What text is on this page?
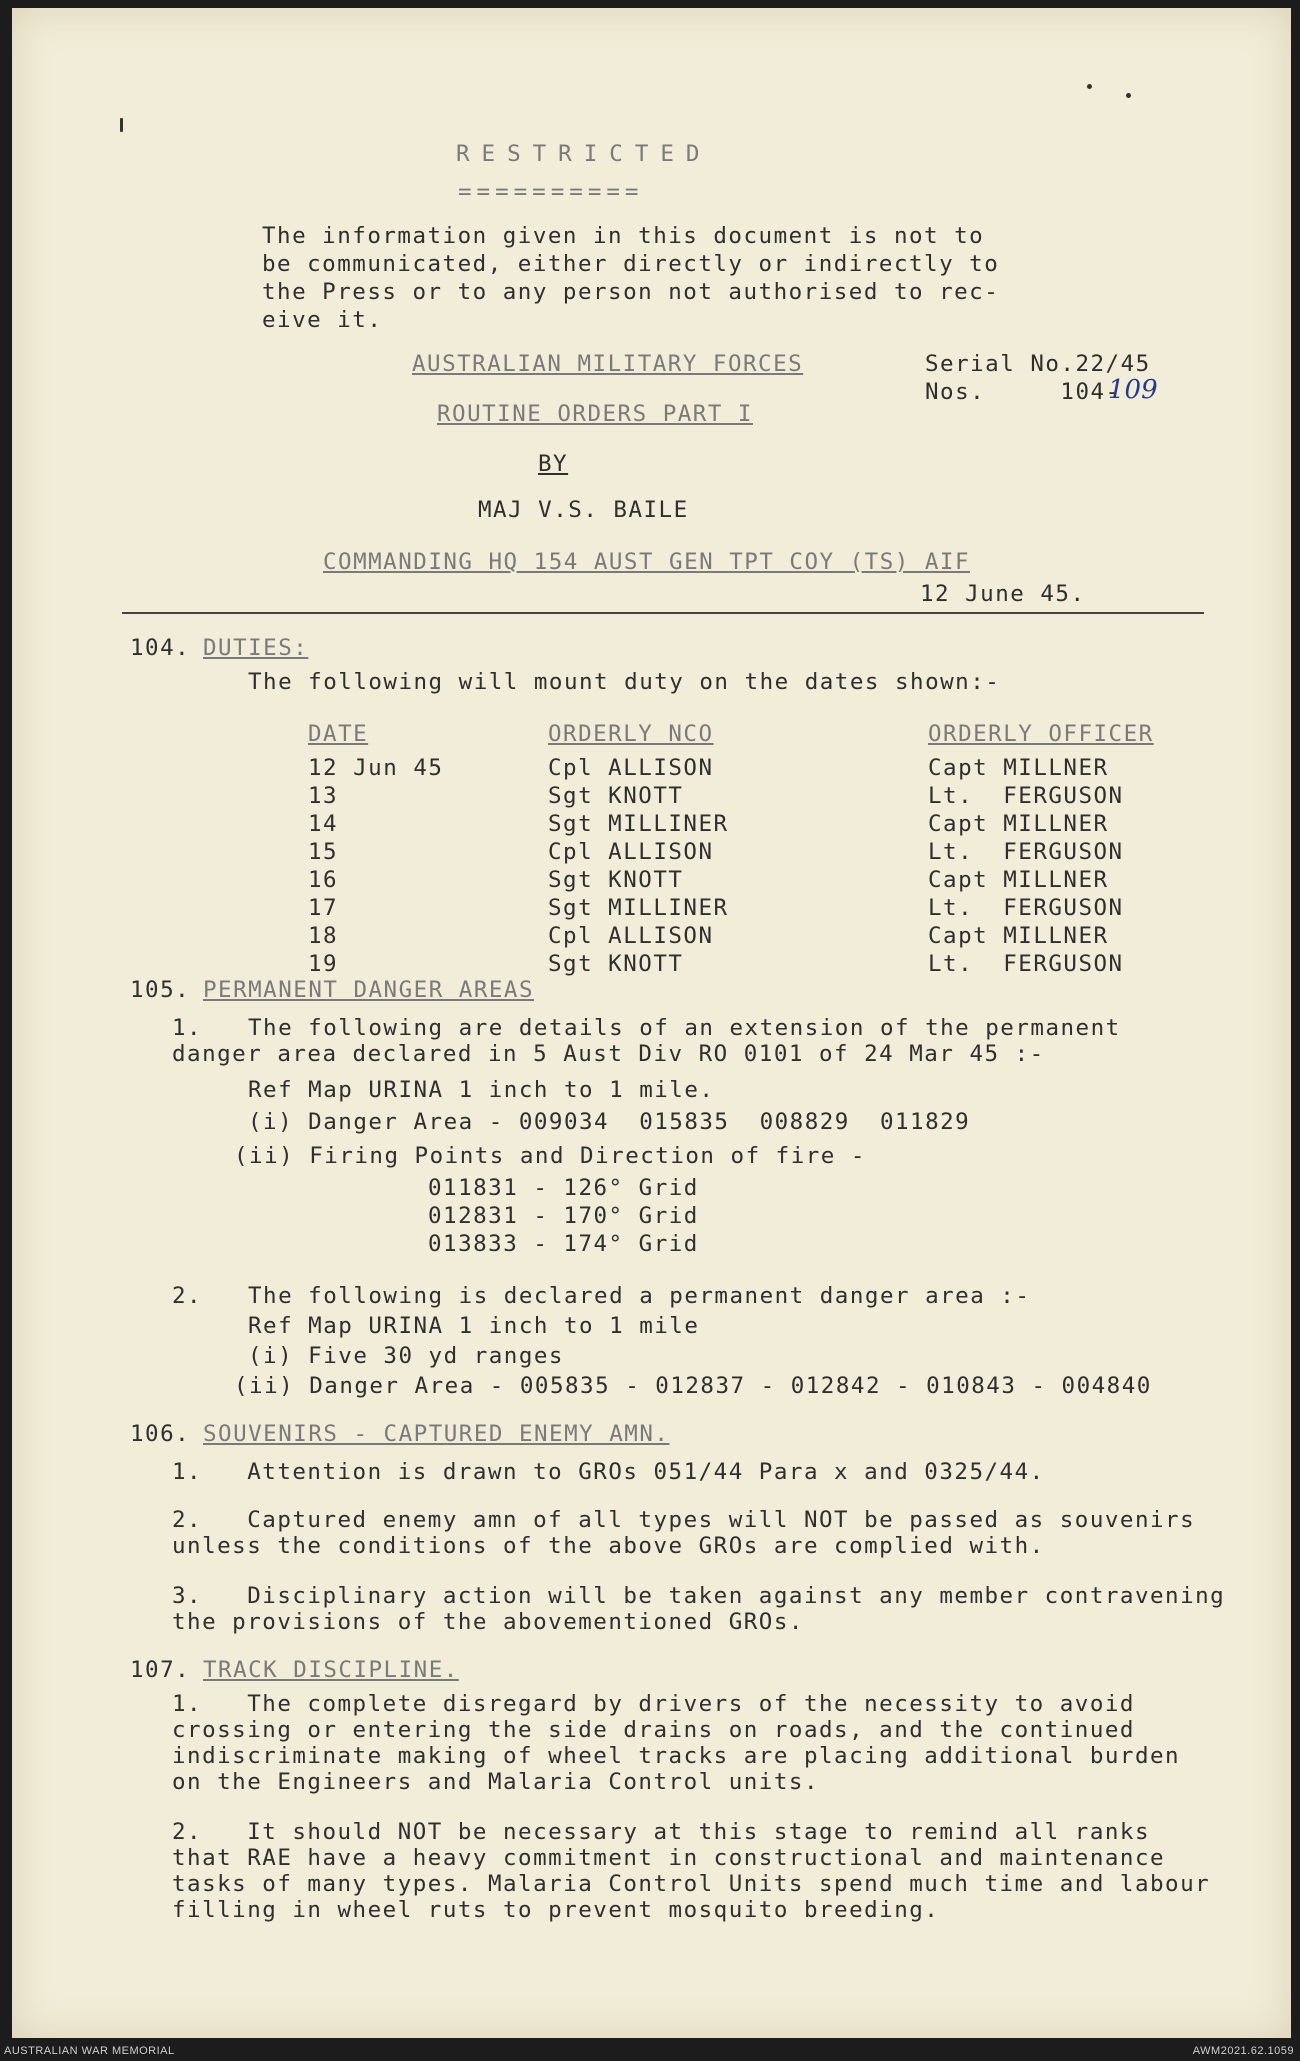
RESTRICTED
==========
The information given in this document is not to
be communicated, either directly or indirectly to
the Press or to any person not authorised to rec-
eive it.
AUSTRALIAN MILITARY FORCES
ROUTINE ORDERS PART I
BY
MAJ V.S. BAILE
COMMANDING HQ 154 AUST GEN TPT COY (TS) AIF
Serial No.22/45
Nos.     104-
109
12 June 45.
104. DUTIES:
The following will mount duty on the dates shown:-
DATE	ORDERLY NCO	ORDERLY OFFICER
12 Jun 45	Cpl ALLISON	Capt MILLNER
13	Sgt KNOTT	Lt.  FERGUSON
14	Sgt MILLINER	Capt MILLNER
15	Cpl ALLISON	Lt.  FERGUSON
16	Sgt KNOTT	Capt MILLNER
17	Sgt MILLINER	Lt.  FERGUSON
18	Cpl ALLISON	Capt MILLNER
19	Sgt KNOTT	Lt.  FERGUSON
105. PERMANENT DANGER AREAS
1. The following are details of an extension of the permanent
danger area declared in 5 Aust Div RO 0101 of 24 Mar 45 :-
Ref Map URINA 1 inch to 1 mile.
(i) Danger Area - 009034  015835  008829  011829
(ii) Firing Points and Direction of fire -
011831 - 126° Grid
012831 - 170° Grid
013833 - 174° Grid
2. The following is declared a permanent danger area :-
Ref Map URINA 1 inch to 1 mile
(i) Five 30 yd ranges
(ii) Danger Area - 005835 - 012837 - 012842 - 010843 - 004840
106. SOUVENIRS - CAPTURED ENEMY AMN.
1.   Attention is drawn to GROs 051/44 Para x and 0325/44.
2.   Captured enemy amn of all types will NOT be passed as souvenirs
unless the conditions of the above GROs are complied with.
3.   Disciplinary action will be taken against any member contravening
the provisions of the abovementioned GROs.
107. TRACK DISCIPLINE.
1.   The complete disregard by drivers of the necessity to avoid
crossing or entering the side drains on roads, and the continued
indiscriminate making of wheel tracks are placing additional burden
on the Engineers and Malaria Control units.
2.   It should NOT be necessary at this stage to remind all ranks
that RAE have a heavy commitment in constructional and maintenance
tasks of many types. Malaria Control Units spend much time and labour
filling in wheel ruts to prevent mosquito breeding.
AUSTRALIAN WAR MEMORIAL	AWM2021.62.1059
